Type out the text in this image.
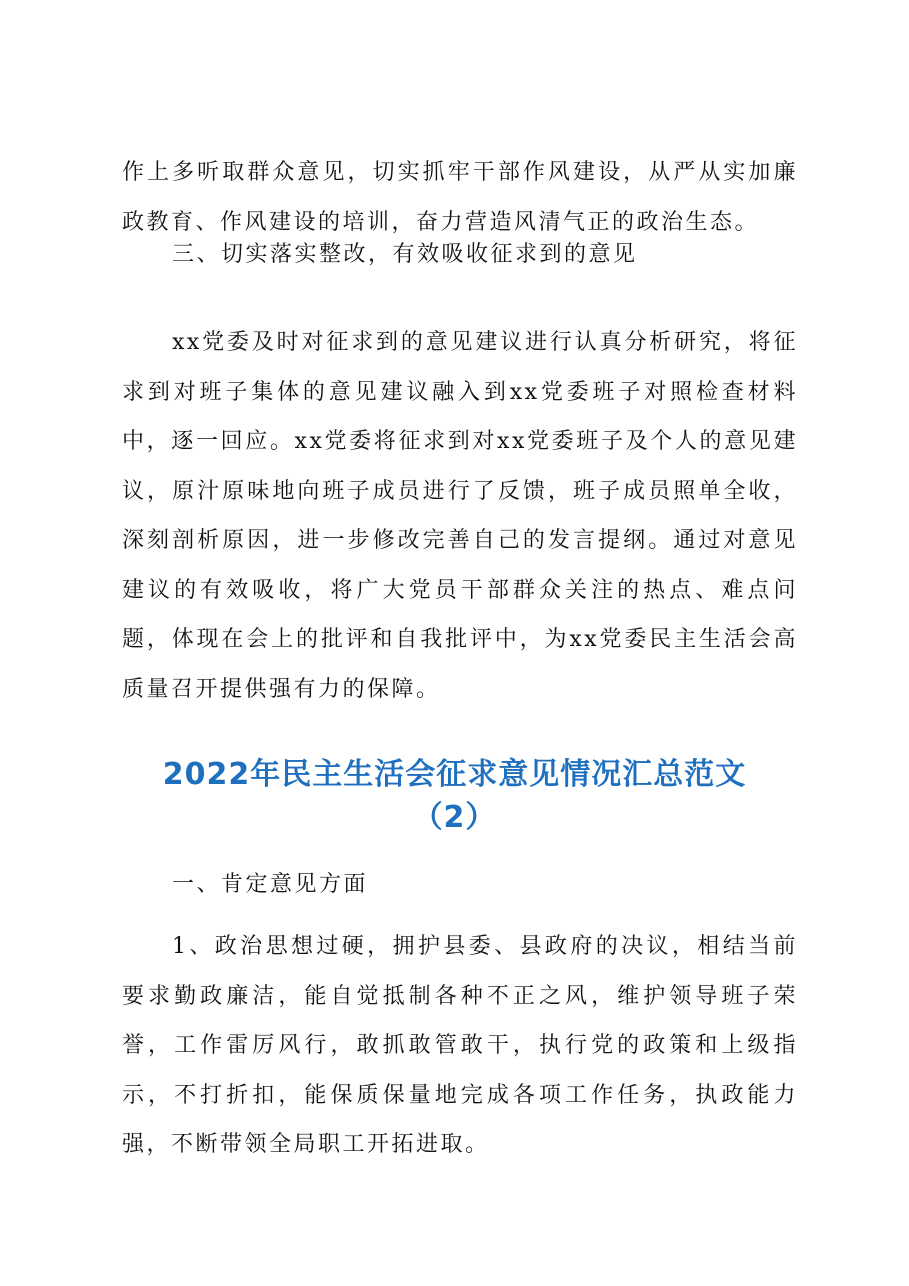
作上多听取群众意见，切实抓牢干部作风建设，从严从实加廉政教育、作风建设的培训，奋力营造风清气正的政治生态。

三、切实落实整改，有效吸收征求到的意见

xx党委及时对征求到的意见建议进行认真分析研究，将征求到对班子集体的意见建议融入到xx党委班子对照检查材料中，逐一回应。xx党委将征求到对xx党委班子及个人的意见建议，原汁原味地向班子成员进行了反馈，班子成员照单全收，深刻剖析原因，进一步修改完善自己的发言提纲。通过对意见建议的有效吸收，将广大党员干部群众关注的热点、难点问题，体现在会上的批评和自我批评中，为xx党委民主生活会高质量召开提供强有力的保障。

2022年民主生活会征求意见情况汇总范文
（2）

一、肯定意见方面

1、政治思想过硬，拥护县委、县政府的决议，相结当前要求勤政廉洁，能自觉抵制各种不正之风，维护领导班子荣誉，工作雷厉风行，敢抓敢管敢干，执行党的政策和上级指示，不打折扣，能保质保量地完成各项工作任务，执政能力强，不断带领全局职工开拓进取。
